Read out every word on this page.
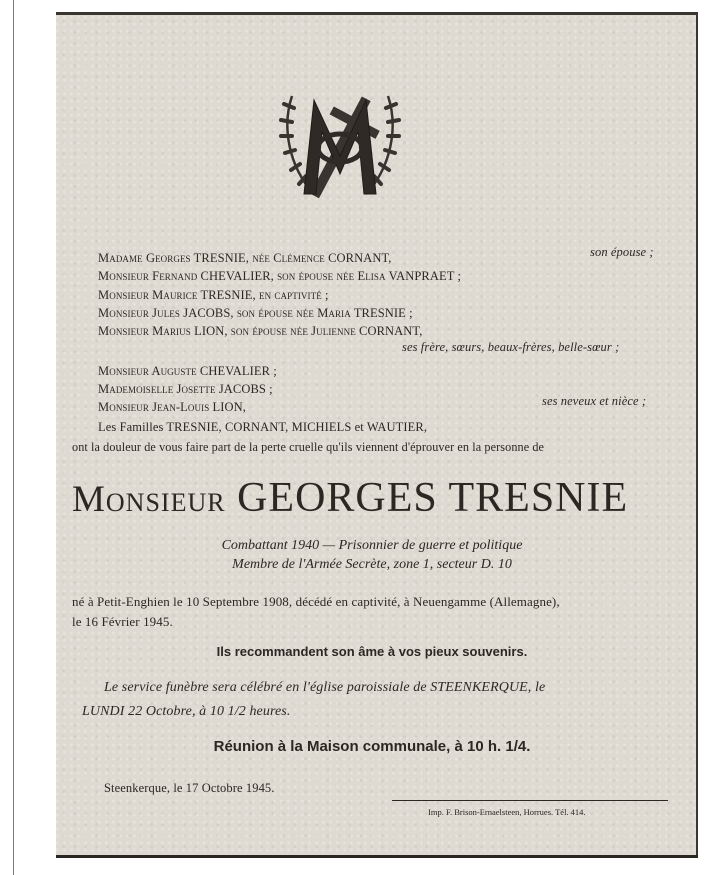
Madame Georges TRESNIE, née Clémence CORNANT,	son épouse ;
Monsieur Fernand CHEVALIER, son épouse née Elisa VANPRAET ;
Monsieur Maurice TRESNIE, en captivité ;
Monsieur Jules JACOBS, son épouse née Maria TRESNIE ;
Monsieur Marius LION, son épouse née Julienne CORNANT,
ses frère, sœurs, beaux-frères, belle-sœur ;
Monsieur Auguste CHEVALIER ;
Mademoiselle Josette JACOBS ;
Monsieur Jean-Louis LION,	ses neveux et nièce ;
Les Familles TRESNIE, CORNANT, MICHIELS et WAUTIER,
ont la douleur de vous faire part de la perte cruelle qu'ils viennent d'éprouver en la personne de
Monsieur GEORGES TRESNIE
Combattant 1940 — Prisonnier de guerre et politique
Membre de l'Armée Secrète, zone 1, secteur D. 10
né à Petit-Enghien le 10 Septembre 1908, décédé en captivité, à Neuengamme (Allemagne),
le 16 Février 1945.
Ils recommandent son âme à vos pieux souvenirs.
Le service funèbre sera célébré en l'église paroissiale de STEENKERQUE, le
LUNDI 22 Octobre, à 10 1/2 heures.
Réunion à la Maison communale, à 10 h. 1/4.
Steenkerque, le 17 Octobre 1945.
Imp. F. Brison-Ernaelsteen, Horrues. Tél. 414.
